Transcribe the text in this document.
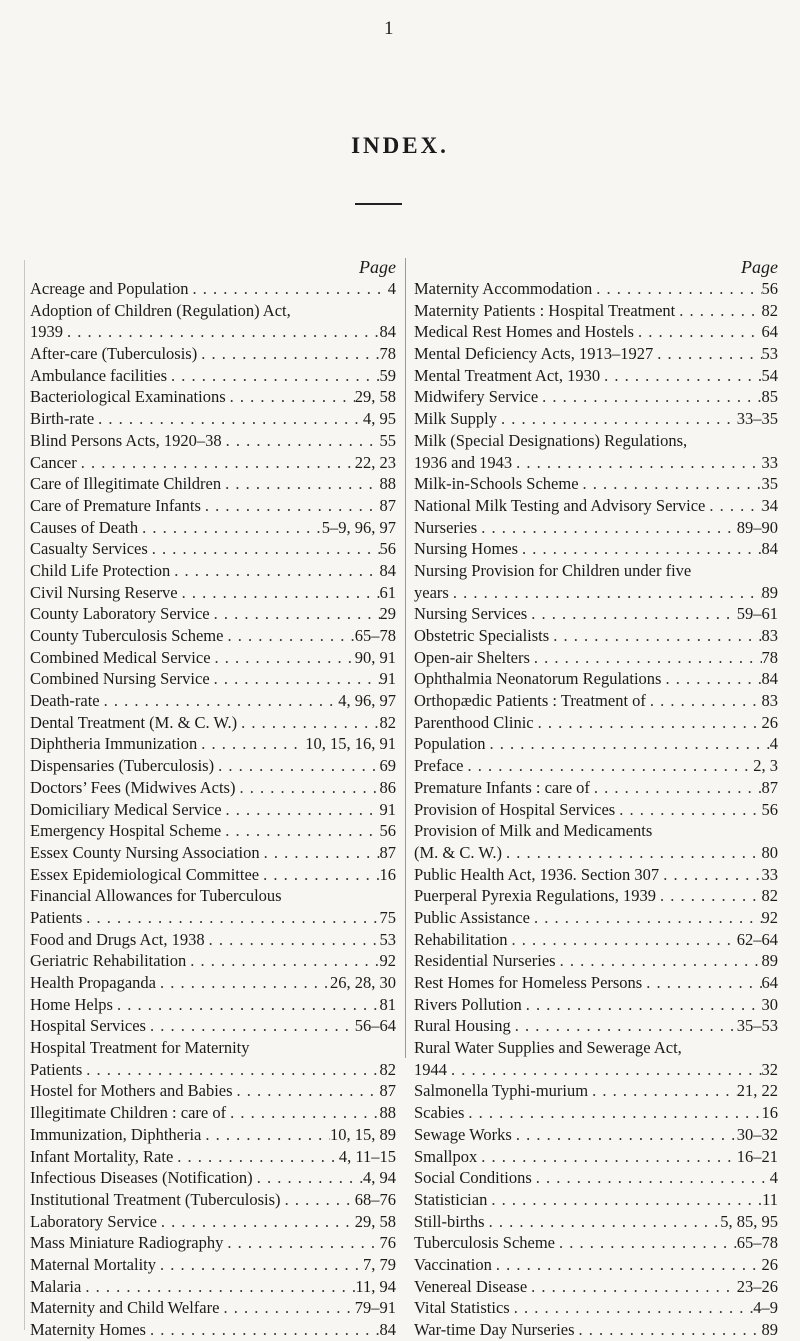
1
INDEX.
Page
Acreage and Population . .	4
Adoption of Children (Regulation) Act,
1939 . .	84
After-care (Tuberculosis) . .	78
Ambulance facilities . .	59
Bacteriological Examinations . .	29, 58
Birth-rate . .	4, 95
Blind Persons Acts, 1920–38 . .	55
Cancer . .	22, 23
Care of Illegitimate Children . .	88
Care of Premature Infants . .	87
Causes of Death . .	5–9, 96, 97
Casualty Services . .	56
Child Life Protection . .	84
Civil Nursing Reserve . .	61
County Laboratory Service . .	29
County Tuberculosis Scheme . .	65–78
Combined Medical Service . .	90, 91
Combined Nursing Service . .	91
Death-rate . .	4, 96, 97
Dental Treatment (M. & C. W.) . .	82
Diphtheria Immunization . .	10, 15, 16, 91
Dispensaries (Tuberculosis) . .	69
Doctors’ Fees (Midwives Acts) . .	86
Domiciliary Medical Service . .	91
Emergency Hospital Scheme . .	56
Essex County Nursing Association . .	87
Essex Epidemiological Committee . .	16
Financial Allowances for Tuberculous
Patients . .	75
Food and Drugs Act, 1938 . .	53
Geriatric Rehabilitation . .	92
Health Propaganda . .	26, 28, 30
Home Helps . .	81
Hospital Services . .	56–64
Hospital Treatment for Maternity
Patients . .	82
Hostel for Mothers and Babies . .	87
Illegitimate Children : care of . .	88
Immunization, Diphtheria . .	10, 15, 89
Infant Mortality, Rate . .	4, 11–15
Infectious Diseases (Notification) . .	4, 94
Institutional Treatment (Tuberculosis) . .	68–76
Laboratory Service . .	29, 58
Mass Miniature Radiography . .	76
Maternal Mortality . .	7, 79
Malaria . .	11, 94
Maternity and Child Welfare . .	79–91
Maternity Homes . .	84
Page
Maternity Accommodation . .	56
Maternity Patients : Hospital Treatment . .	82
Medical Rest Homes and Hostels . .	64
Mental Deficiency Acts, 1913–1927 . .	53
Mental Treatment Act, 1930 . .	54
Midwifery Service . .	85
Milk Supply . .	33–35
Milk (Special Designations) Regulations,
1936 and 1943 . .	33
Milk-in-Schools Scheme . .	35
National Milk Testing and Advisory Service . .	34
Nurseries . .	89–90
Nursing Homes . .	84
Nursing Provision for Children under five
years . .	89
Nursing Services . .	59–61
Obstetric Specialists . .	83
Open-air Shelters . .	78
Ophthalmia Neonatorum Regulations . .	84
Orthopædic Patients : Treatment of . .	83
Parenthood Clinic . .	26
Population . .	4
Preface . .	2, 3
Premature Infants : care of . .	87
Provision of Hospital Services . .	56
Provision of Milk and Medicaments
(M. & C. W.) . .	80
Public Health Act, 1936. Section 307 . .	33
Puerperal Pyrexia Regulations, 1939 . .	82
Public Assistance . .	92
Rehabilitation . .	62–64
Residential Nurseries . .	89
Rest Homes for Homeless Persons . .	64
Rivers Pollution . .	30
Rural Housing . .	35–53
Rural Water Supplies and Sewerage Act,
1944 . .	32
Salmonella Typhi-murium . .	21, 22
Scabies . .	16
Sewage Works . .	30–32
Smallpox . .	16–21
Social Conditions . .	4
Statistician . .	11
Still-births . .	5, 85, 95
Tuberculosis Scheme . .	65–78
Vaccination . .	26
Venereal Disease . .	23–26
Vital Statistics . .	4–9
War-time Day Nurseries . .	89
